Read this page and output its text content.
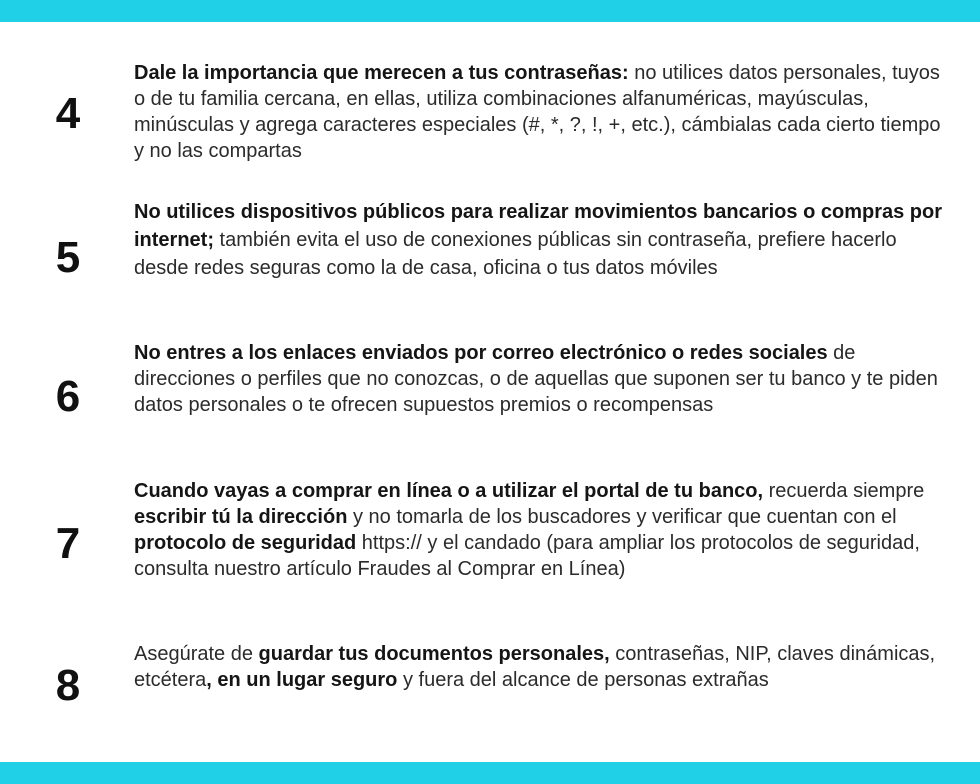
4
Dale la importancia que merecen a tus contraseñas: no utilices datos personales, tuyos o de tu familia cercana, en ellas, utiliza combinaciones alfanuméricas, mayúsculas, minúsculas y agrega caracteres especiales (#, *, ?, !, +, etc.), cámbialas cada cierto tiempo y no las compartas
5
No utilices dispositivos públicos para realizar movimientos bancarios o compras por internet; también evita el uso de conexiones públicas sin contraseña, prefiere hacerlo desde redes seguras como la de casa, oficina o tus datos móviles
6
No entres a los enlaces enviados por correo electrónico o redes sociales de direcciones o perfiles que no conozcas, o de aquellas que suponen ser tu banco y te piden datos personales o te ofrecen supuestos premios o recompensas
7
Cuando vayas a comprar en línea o a utilizar el portal de tu banco, recuerda siempre escribir tú la dirección y no tomarla de los buscadores y verificar que cuentan con el protocolo de seguridad https:// y el candado (para ampliar los protocolos de seguridad, consulta nuestro artículo Fraudes al Comprar en Línea)
8
Asegúrate de guardar tus documentos personales, contraseñas, NIP, claves dinámicas, etcétera, en un lugar seguro y fuera del alcance de personas extrañas
